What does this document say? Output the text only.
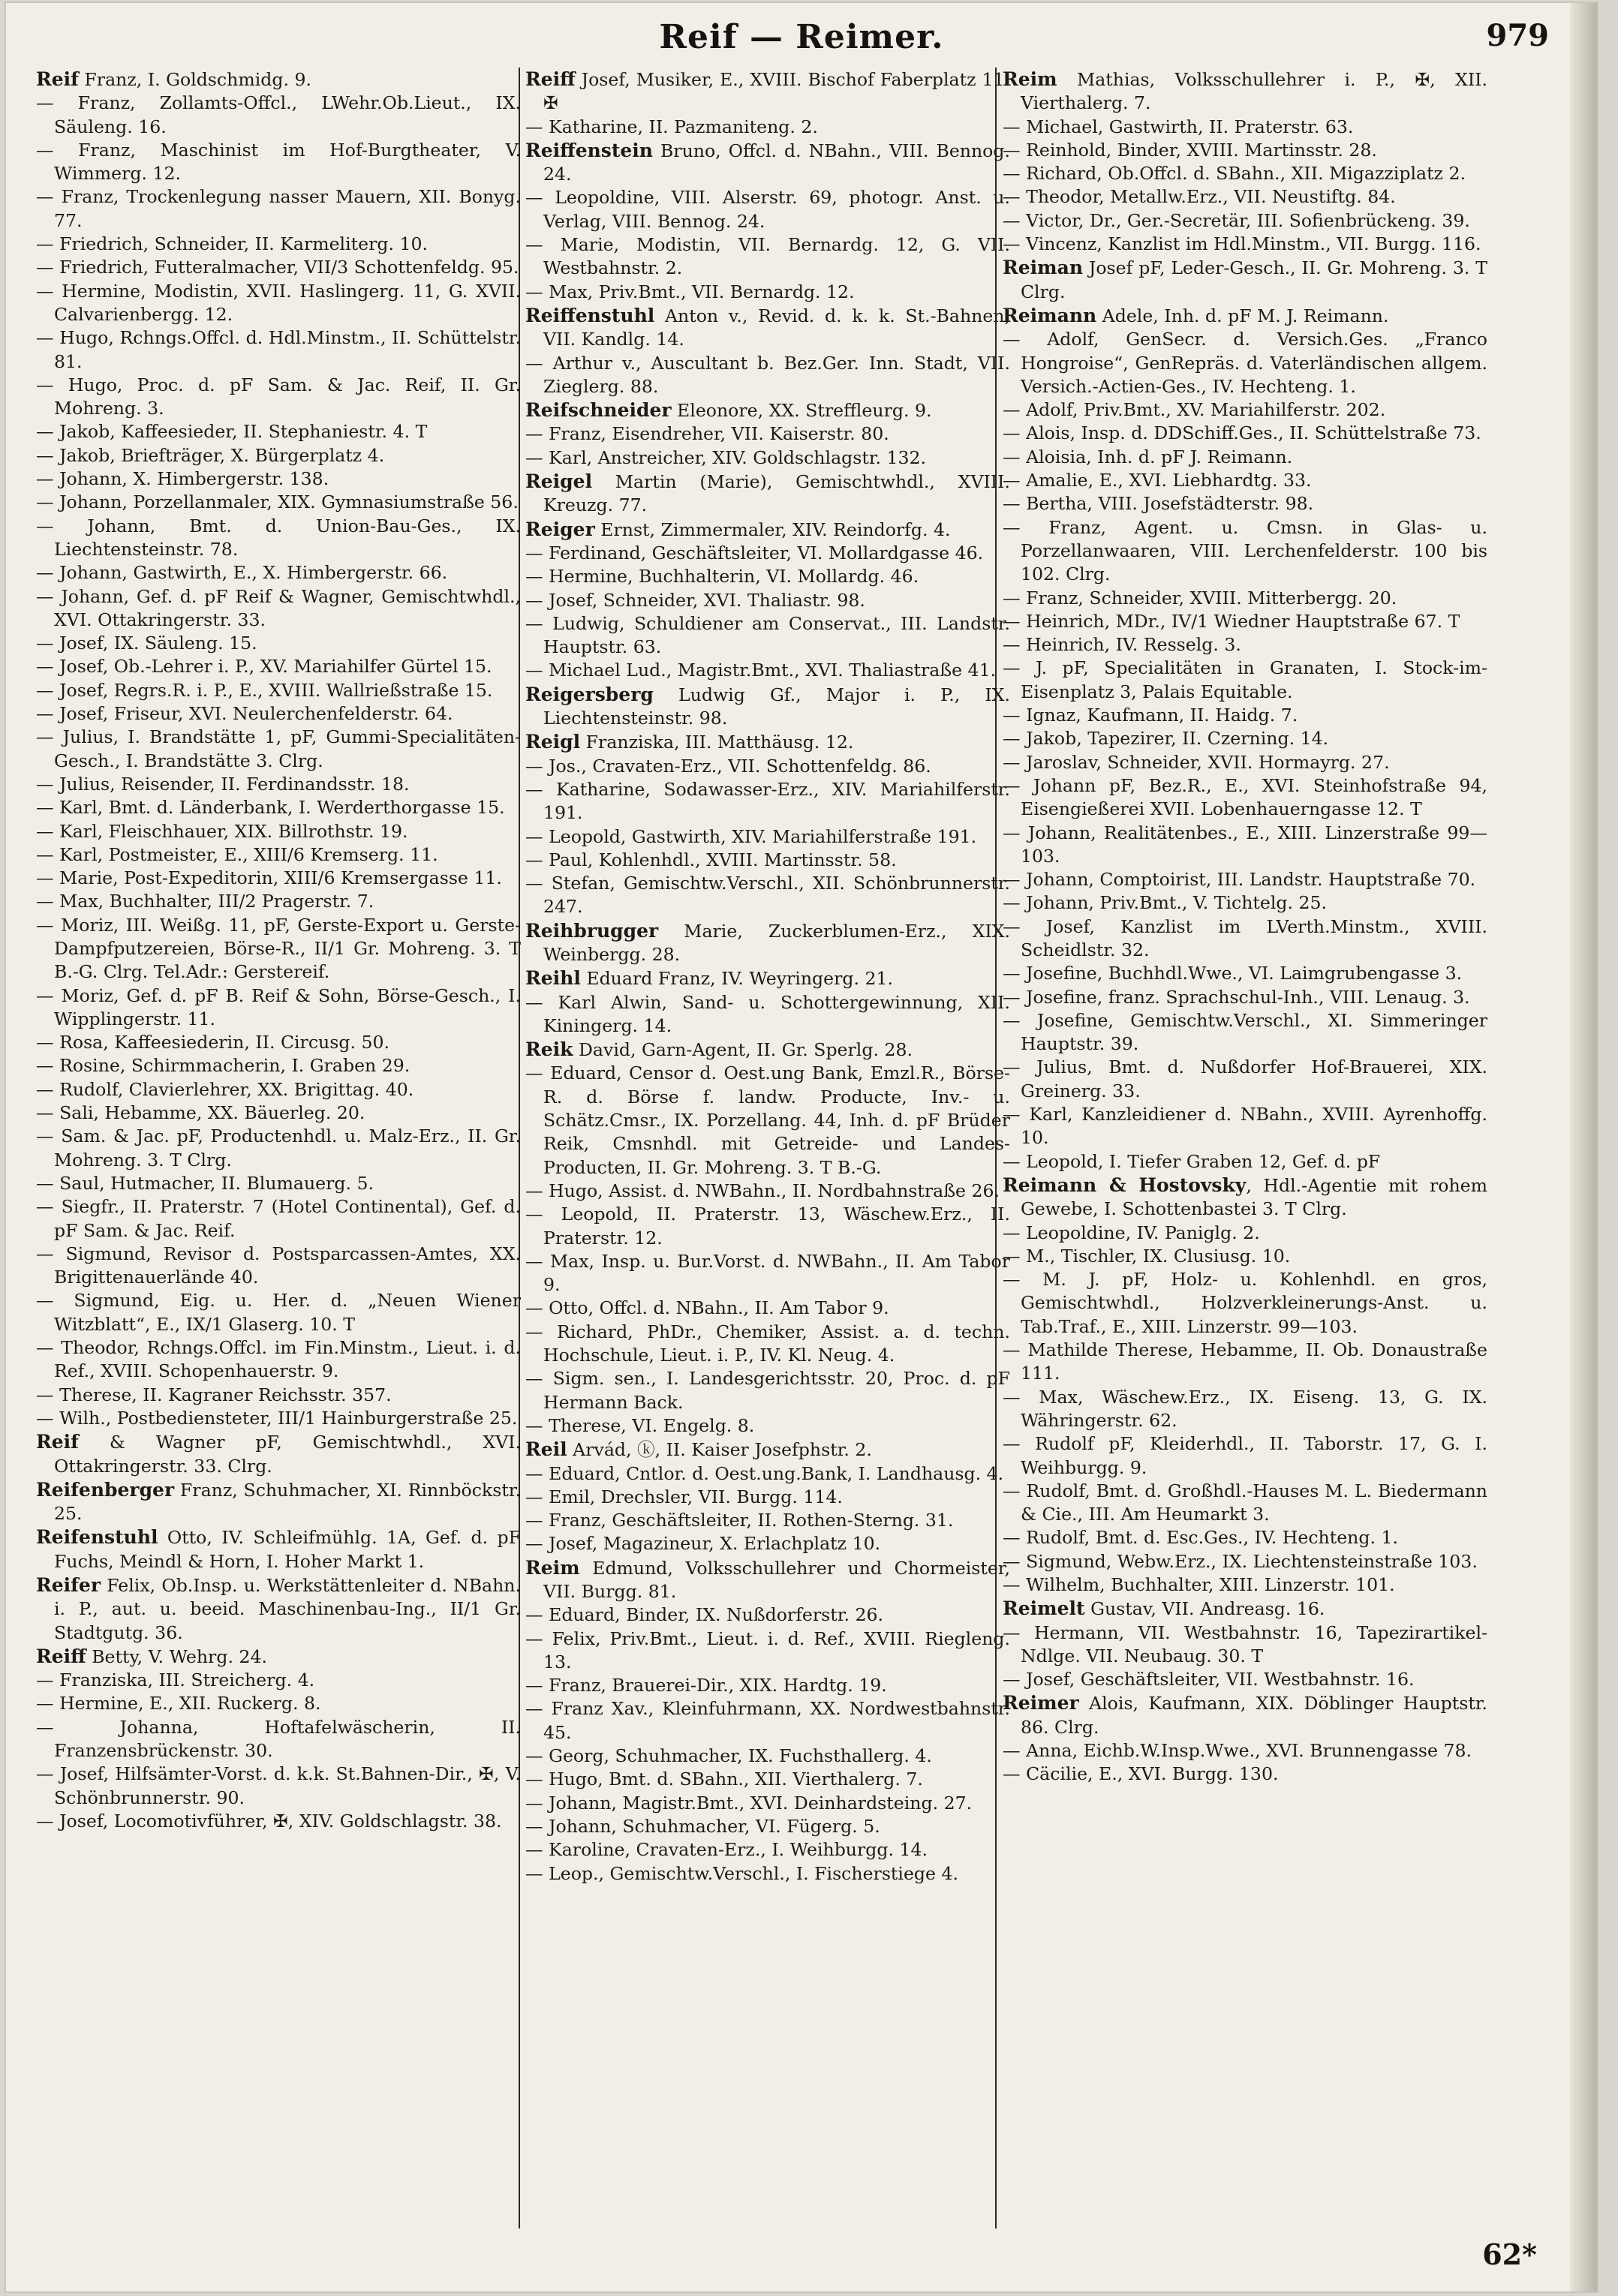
Reif — Reimer.	979
Reif Franz, I. Goldschmidg. 9.
— Franz, Zollamts-Offcl., LWehr.Ob.Lieut., IX. Säuleng. 16.
— Franz, Maschinist im Hof-Burgtheater, V. Wimmerg. 12.
— Franz, Trockenlegung nasser Mauern, XII. Bonyg. 77.
— Friedrich, Schneider, II. Karmeliterg. 10.
— Friedrich, Futteralmacher, VII/3 Schottenfeldg. 95.
— Hermine, Modistin, XVII. Haslingerg. 11, G. XVII. Calvarienbergg. 12.
— Hugo, Rchngs.Offcl. d. Hdl.Minstm., II. Schüttelstr. 81.
— Hugo, Proc. d. pF Sam. & Jac. Reif, II. Gr. Mohreng. 3.
— Jakob, Kaffeesieder, II. Stephaniestr. 4. T
— Jakob, Briefträger, X. Bürgerplatz 4.
— Johann, X. Himbergerstr. 138.
— Johann, Porzellanmaler, XIX. Gymnasiumstraße 56.
— Johann, Bmt. d. Union-Bau-Ges., IX. Liechtensteinstr. 78.
— Johann, Gastwirth, E., X. Himbergerstr. 66.
— Johann, Gef. d. pF Reif & Wagner, Gemischtwhdl., XVI. Ottakringerstr. 33.
— Josef, IX. Säuleng. 15.
— Josef, Ob.-Lehrer i. P., XV. Mariahilfer Gürtel 15.
— Josef, Regrs.R. i. P., E., XVIII. Wallrießstraße 15.
— Josef, Friseur, XVI. Neulerchenfelderstr. 64.
— Julius, I. Brandstätte 1, pF, Gummi-Specialitäten-Gesch., I. Brandstätte 3. Clrg.
— Julius, Reisender, II. Ferdinandsstr. 18.
— Karl, Bmt. d. Länderbank, I. Werderthorgasse 15.
— Karl, Fleischhauer, XIX. Billrothstr. 19.
— Karl, Postmeister, E., XIII/6 Kremserg. 11.
— Marie, Post-Expeditorin, XIII/6 Kremsergasse 11.
— Max, Buchhalter, III/2 Pragerstr. 7.
— Moriz, III. Weißg. 11, pF, Gerste-Export u. Gerste-Dampfputzereien, Börse-R., II/1 Gr. Mohreng. 3. T B.-G. Clrg. Tel.Adr.: Gerstereif.
— Moriz, Gef. d. pF B. Reif & Sohn, Börse-Gesch., I. Wipplingerstr. 11.
— Rosa, Kaffeesiederin, II. Circusg. 50.
— Rosine, Schirmmacherin, I. Graben 29.
— Rudolf, Clavierlehrer, XX. Brigittag. 40.
— Sali, Hebamme, XX. Bäuerleg. 20.
— Sam. & Jac. pF, Productenhdl. u. Malz-Erz., II. Gr. Mohreng. 3. T Clrg.
— Saul, Hutmacher, II. Blumauerg. 5.
— Siegfr., II. Praterstr. 7 (Hotel Continental), Gef. d. pF Sam. & Jac. Reif.
— Sigmund, Revisor d. Postsparcassen-Amtes, XX. Brigittenauerlände 40.
— Sigmund, Eig. u. Her. d. „Neuen Wiener Witzblatt“, E., IX/1 Glaserg. 10. T
— Theodor, Rchngs.Offcl. im Fin.Minstm., Lieut. i. d. Ref., XVIII. Schopenhauerstr. 9.
— Therese, II. Kagraner Reichsstr. 357.
— Wilh., Postbediensteter, III/1 Hainburgerstraße 25.
Reif & Wagner pF, Gemischtwhdl., XVI. Ottakringerstr. 33. Clrg.
Reifenberger Franz, Schuhmacher, XI. Rinnböckstr. 25.
Reifenstuhl Otto, IV. Schleifmühlg. 1A, Gef. d. pF Fuchs, Meindl & Horn, I. Hoher Markt 1.
Reifer Felix, Ob.Insp. u. Werkstättenleiter d. NBahn. i. P., aut. u. beeid. Maschinenbau-Ing., II/1 Gr. Stadtgutg. 36.
Reiff Betty, V. Wehrg. 24.
— Franziska, III. Streicherg. 4.
— Hermine, E., XII. Ruckerg. 8.
— Johanna, Hoftafelwäscherin, II. Franzensbrückenstr. 30.
— Josef, Hilfsämter-Vorst. d. k.k. St.Bahnen-Dir., ✠, V. Schönbrunnerstr. 90.
— Josef, Locomotivführer, ✠, XIV. Goldschlagstr. 38.
Reiff Josef, Musiker, E., XVIII. Bischof Faberplatz 11. ✠
— Katharine, II. Pazmaniteng. 2.
Reiffenstein Bruno, Offcl. d. NBahn., VIII. Bennog. 24.
— Leopoldine, VIII. Alserstr. 69, photogr. Anst. u. Verlag, VIII. Bennog. 24.
— Marie, Modistin, VII. Bernardg. 12, G. VII. Westbahnstr. 2.
— Max, Priv.Bmt., VII. Bernardg. 12.
Reiffenstuhl Anton v., Revid. d. k. k. St.-Bahnen, VII. Kandlg. 14.
— Arthur v., Auscultant b. Bez.Ger. Inn. Stadt, VII. Zieglerg. 88.
Reifschneider Eleonore, XX. Streffleurg. 9.
— Franz, Eisendreher, VII. Kaiserstr. 80.
— Karl, Anstreicher, XIV. Goldschlagstr. 132.
Reigel Martin (Marie), Gemischtwhdl., XVIII. Kreuzg. 77.
Reiger Ernst, Zimmermaler, XIV. Reindorfg. 4.
— Ferdinand, Geschäftsleiter, VI. Mollardgasse 46.
— Hermine, Buchhalterin, VI. Mollardg. 46.
— Josef, Schneider, XVI. Thaliastr. 98.
— Ludwig, Schuldiener am Conservat., III. Landstr. Hauptstr. 63.
— Michael Lud., Magistr.Bmt., XVI. Thaliastraße 41.
Reigersberg Ludwig Gf., Major i. P., IX. Liechtensteinstr. 98.
Reigl Franziska, III. Matthäusg. 12.
— Jos., Cravaten-Erz., VII. Schottenfeldg. 86.
— Katharine, Sodawasser-Erz., XIV. Mariahilferstr. 191.
— Leopold, Gastwirth, XIV. Mariahilferstraße 191.
— Paul, Kohlenhdl., XVIII. Martinsstr. 58.
— Stefan, Gemischtw.Verschl., XII. Schönbrunnerstr. 247.
Reihbrugger Marie, Zuckerblumen-Erz., XIX. Weinbergg. 28.
Reihl Eduard Franz, IV. Weyringerg. 21.
— Karl Alwin, Sand- u. Schottergewinnung, XII. Kiningerg. 14.
Reik David, Garn-Agent, II. Gr. Sperlg. 28.
— Eduard, Censor d. Oest.ung Bank, Emzl.R., Börse-R. d. Börse f. landw. Producte, Inv.- u. Schätz.Cmsr., IX. Porzellang. 44, Inh. d. pF Brüder Reik, Cmsnhdl. mit Getreide- und Landes-Producten, II. Gr. Mohreng. 3. T B.-G.
— Hugo, Assist. d. NWBahn., II. Nordbahnstraße 26.
— Leopold, II. Praterstr. 13, Wäschew.Erz., II. Praterstr. 12.
— Max, Insp. u. Bur.Vorst. d. NWBahn., II. Am Tabor 9.
— Otto, Offcl. d. NBahn., II. Am Tabor 9.
— Richard, PhDr., Chemiker, Assist. a. d. techn. Hochschule, Lieut. i. P., IV. Kl. Neug. 4.
— Sigm. sen., I. Landesgerichtsstr. 20, Proc. d. pF Hermann Back.
— Therese, VI. Engelg. 8.
Reil Arvád, ⓚ, II. Kaiser Josefphstr. 2.
— Eduard, Cntlor. d. Oest.ung.Bank, I. Landhausg. 4.
— Emil, Drechsler, VII. Burgg. 114.
— Franz, Geschäftsleiter, II. Rothen-Sterng. 31.
— Josef, Magazineur, X. Erlachplatz 10.
Reim Edmund, Volksschullehrer und Chormeister, VII. Burgg. 81.
— Eduard, Binder, IX. Nußdorferstr. 26.
— Felix, Priv.Bmt., Lieut. i. d. Ref., XVIII. Riegleng. 13.
— Franz, Brauerei-Dir., XIX. Hardtg. 19.
— Franz Xav., Kleinfuhrmann, XX. Nordwestbahnstr. 45.
— Georg, Schuhmacher, IX. Fuchsthallerg. 4.
— Hugo, Bmt. d. SBahn., XII. Vierthalerg. 7.
— Johann, Magistr.Bmt., XVI. Deinhardsteing. 27.
— Johann, Schuhmacher, VI. Fügerg. 5.
— Karoline, Cravaten-Erz., I. Weihburgg. 14.
— Leop., Gemischtw.Verschl., I. Fischerstiege 4.
Reim Mathias, Volksschullehrer i. P., ✠, XII. Vierthalerg. 7.
— Michael, Gastwirth, II. Praterstr. 63.
— Reinhold, Binder, XVIII. Martinsstr. 28.
— Richard, Ob.Offcl. d. SBahn., XII. Migazziplatz 2.
— Theodor, Metallw.Erz., VII. Neustiftg. 84.
— Victor, Dr., Ger.-Secretär, III. Sofienbrückeng. 39.
— Vincenz, Kanzlist im Hdl.Minstm., VII. Burgg. 116.
Reiman Josef pF, Leder-Gesch., II. Gr. Mohreng. 3. T Clrg.
Reimann Adele, Inh. d. pF M. J. Reimann.
— Adolf, GenSecr. d. Versich.Ges. „Franco Hongroise“, GenRepräs. d. Vaterländischen allgem. Versich.-Actien-Ges., IV. Hechteng. 1.
— Adolf, Priv.Bmt., XV. Mariahilferstr. 202.
— Alois, Insp. d. DDSchiff.Ges., II. Schüttelstraße 73.
— Aloisia, Inh. d. pF J. Reimann.
— Amalie, E., XVI. Liebhardtg. 33.
— Bertha, VIII. Josefstädterstr. 98.
— Franz, Agent. u. Cmsn. in Glas- u. Porzellanwaaren, VIII. Lerchenfelderstr. 100 bis 102. Clrg.
— Franz, Schneider, XVIII. Mitterbergg. 20.
— Heinrich, MDr., IV/1 Wiedner Hauptstraße 67. T
— Heinrich, IV. Resselg. 3.
— J. pF, Specialitäten in Granaten, I. Stock-im-Eisenplatz 3, Palais Equitable.
— Ignaz, Kaufmann, II. Haidg. 7.
— Jakob, Tapezirer, II. Czerning. 14.
— Jaroslav, Schneider, XVII. Hormayrg. 27.
— Johann pF, Bez.R., E., XVI. Steinhofstraße 94, Eisengießerei XVII. Lobenhauerngasse 12. T
— Johann, Realitätenbes., E., XIII. Linzerstraße 99—103.
— Johann, Comptoirist, III. Landstr. Hauptstraße 70.
— Johann, Priv.Bmt., V. Tichtelg. 25.
— Josef, Kanzlist im LVerth.Minstm., XVIII. Scheidlstr. 32.
— Josefine, Buchhdl.Wwe., VI. Laimgrubengasse 3.
— Josefine, franz. Sprachschul-Inh., VIII. Lenaug. 3.
— Josefine, Gemischtw.Verschl., XI. Simmeringer Hauptstr. 39.
— Julius, Bmt. d. Nußdorfer Hof-Brauerei, XIX. Greinerg. 33.
— Karl, Kanzleidiener d. NBahn., XVIII. Ayrenhoffg. 10.
— Leopold, I. Tiefer Graben 12, Gef. d. pF
Reimann & Hostovsky, Hdl.-Agentie mit rohem Gewebe, I. Schottenbastei 3. T Clrg.
— Leopoldine, IV. Paniglg. 2.
— M., Tischler, IX. Clusiusg. 10.
— M. J. pF, Holz- u. Kohlenhdl. en gros, Gemischtwhdl., Holzverkleinerungs-Anst. u. Tab.Traf., E., XIII. Linzerstr. 99—103.
— Mathilde Therese, Hebamme, II. Ob. Donaustraße 111.
— Max, Wäschew.Erz., IX. Eiseng. 13, G. IX. Währingerstr. 62.
— Rudolf pF, Kleiderhdl., II. Taborstr. 17, G. I. Weihburgg. 9.
— Rudolf, Bmt. d. Großhdl.-Hauses M. L. Biedermann & Cie., III. Am Heumarkt 3.
— Rudolf, Bmt. d. Esc.Ges., IV. Hechteng. 1.
— Sigmund, Webw.Erz., IX. Liechtensteinstraße 103.
— Wilhelm, Buchhalter, XIII. Linzerstr. 101.
Reimelt Gustav, VII. Andreasg. 16.
— Hermann, VII. Westbahnstr. 16, Tapezirartikel-Ndlge. VII. Neubaug. 30. T
— Josef, Geschäftsleiter, VII. Westbahnstr. 16.
Reimer Alois, Kaufmann, XIX. Döblinger Hauptstr. 86. Clrg.
— Anna, Eichb.W.Insp.Wwe., XVI. Brunnengasse 78.
— Cäcilie, E., XVI. Burgg. 130.
62*
